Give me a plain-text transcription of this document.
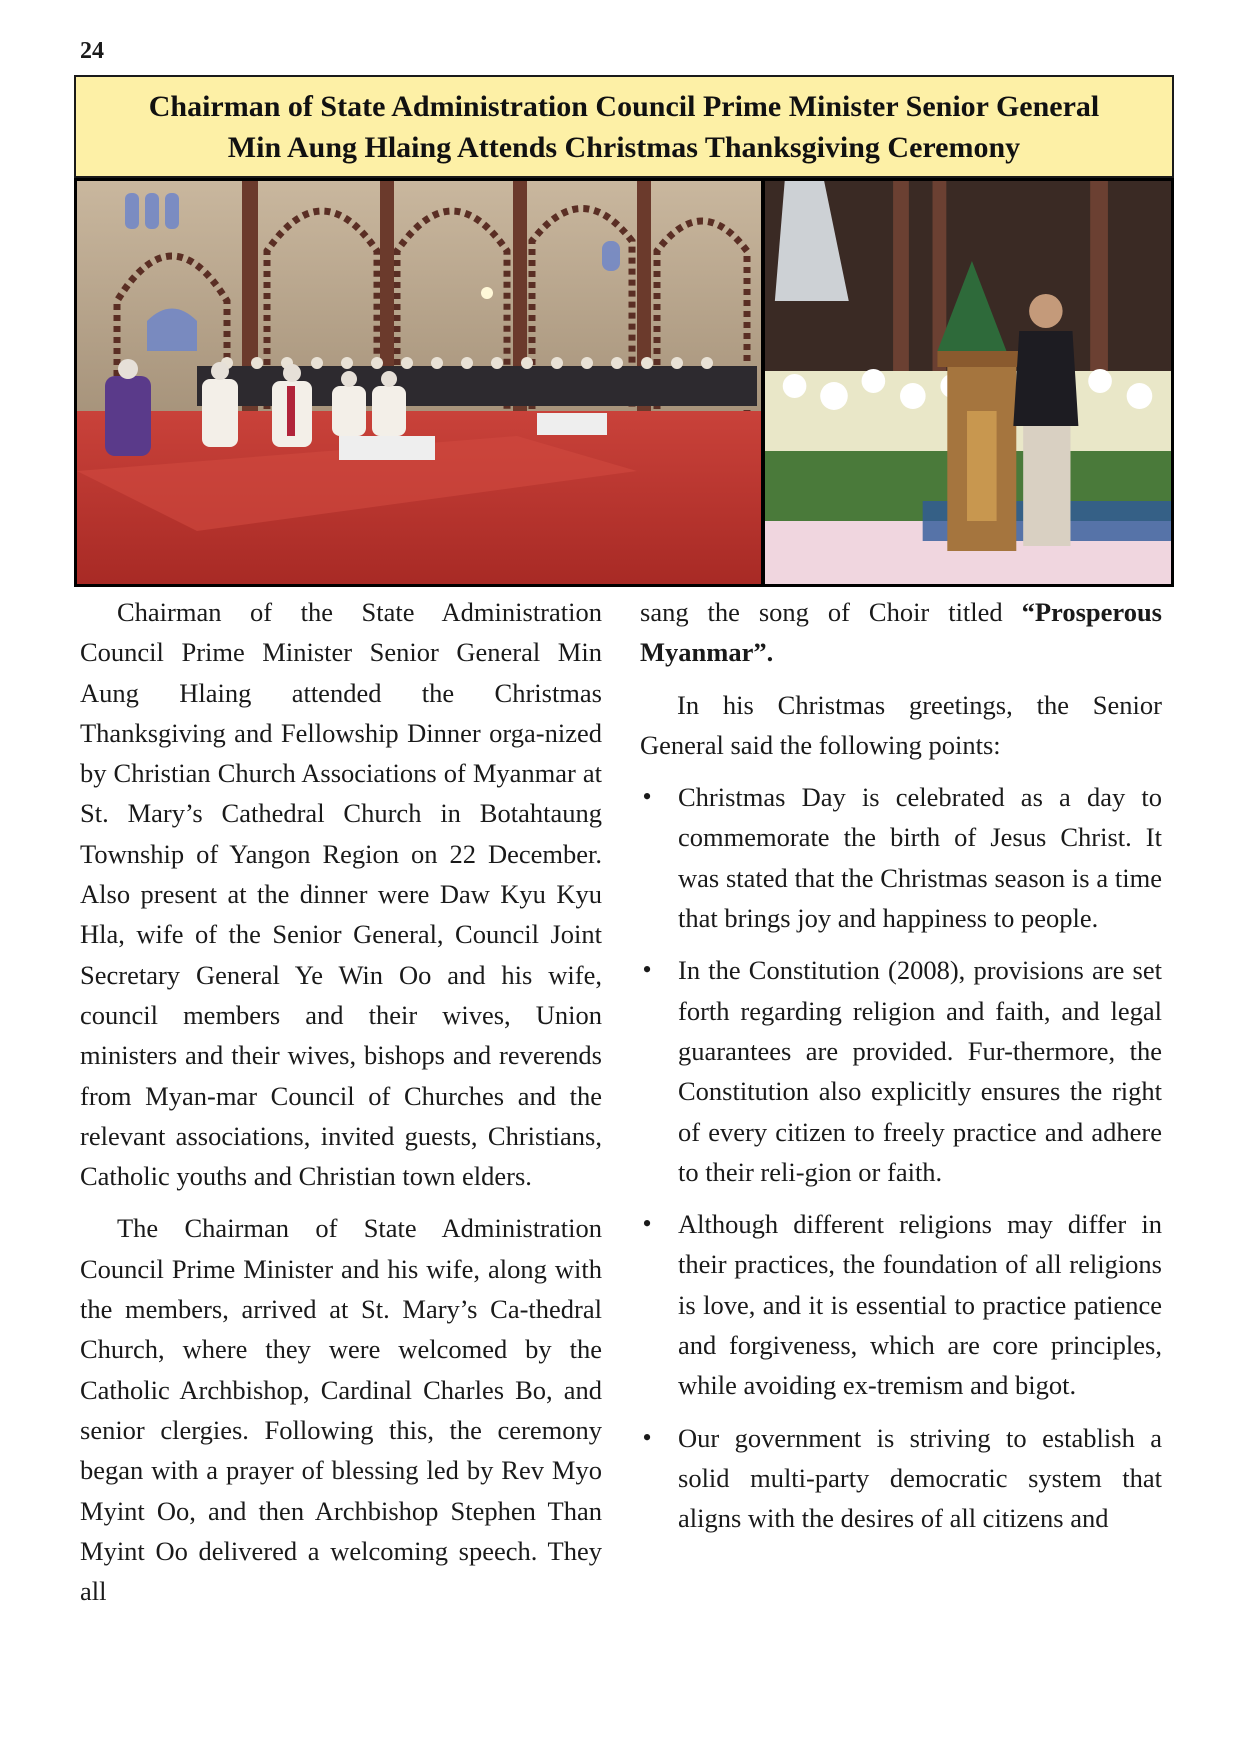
24
Chairman of State Administration Council Prime Minister Senior General
Min Aung Hlaing Attends Christmas Thanksgiving Ceremony

Chairman of the State Administration Council Prime Minister Senior General Min Aung Hlaing attended the Christmas Thanksgiving and Fellowship Dinner orga-nized by Christian Church Associations of Myanmar at St. Mary’s Cathedral Church in Botahtaung Township of Yangon Region on 22 December. Also present at the dinner were Daw Kyu Kyu Hla, wife of the Senior General, Council Joint Secretary General Ye Win Oo and his wife, council members and their wives, Union ministers and their wives, bishops and reverends from Myan-mar Council of Churches and the relevant associations, invited guests, Christians, Catholic youths and Christian town elders.

The Chairman of State Administration Council Prime Minister and his wife, along with the members, arrived at St. Mary’s Ca-thedral Church, where they were welcomed by the Catholic Archbishop, Cardinal Charles Bo, and senior clergies. Following this, the ceremony began with a prayer of blessing led by Rev Myo Myint Oo, and then Archbishop Stephen Than Myint Oo delivered a welcoming speech. They all

sang the song of Choir titled “Prosperous Myanmar”.

In his Christmas greetings, the Senior General said the following points:

• Christmas Day is celebrated as a day to commemorate the birth of Jesus Christ. It was stated that the Christmas season is a time that brings joy and happiness to people.
• In the Constitution (2008), provisions are set forth regarding religion and faith, and legal guarantees are provided. Fur-thermore, the Constitution also explicitly ensures the right of every citizen to freely practice and adhere to their reli-gion or faith.
• Although different religions may differ in their practices, the foundation of all religions is love, and it is essential to practice patience and forgiveness, which are core principles, while avoiding ex-tremism and bigot.
• Our government is striving to establish a solid multi-party democratic system that aligns with the desires of all citizens and
